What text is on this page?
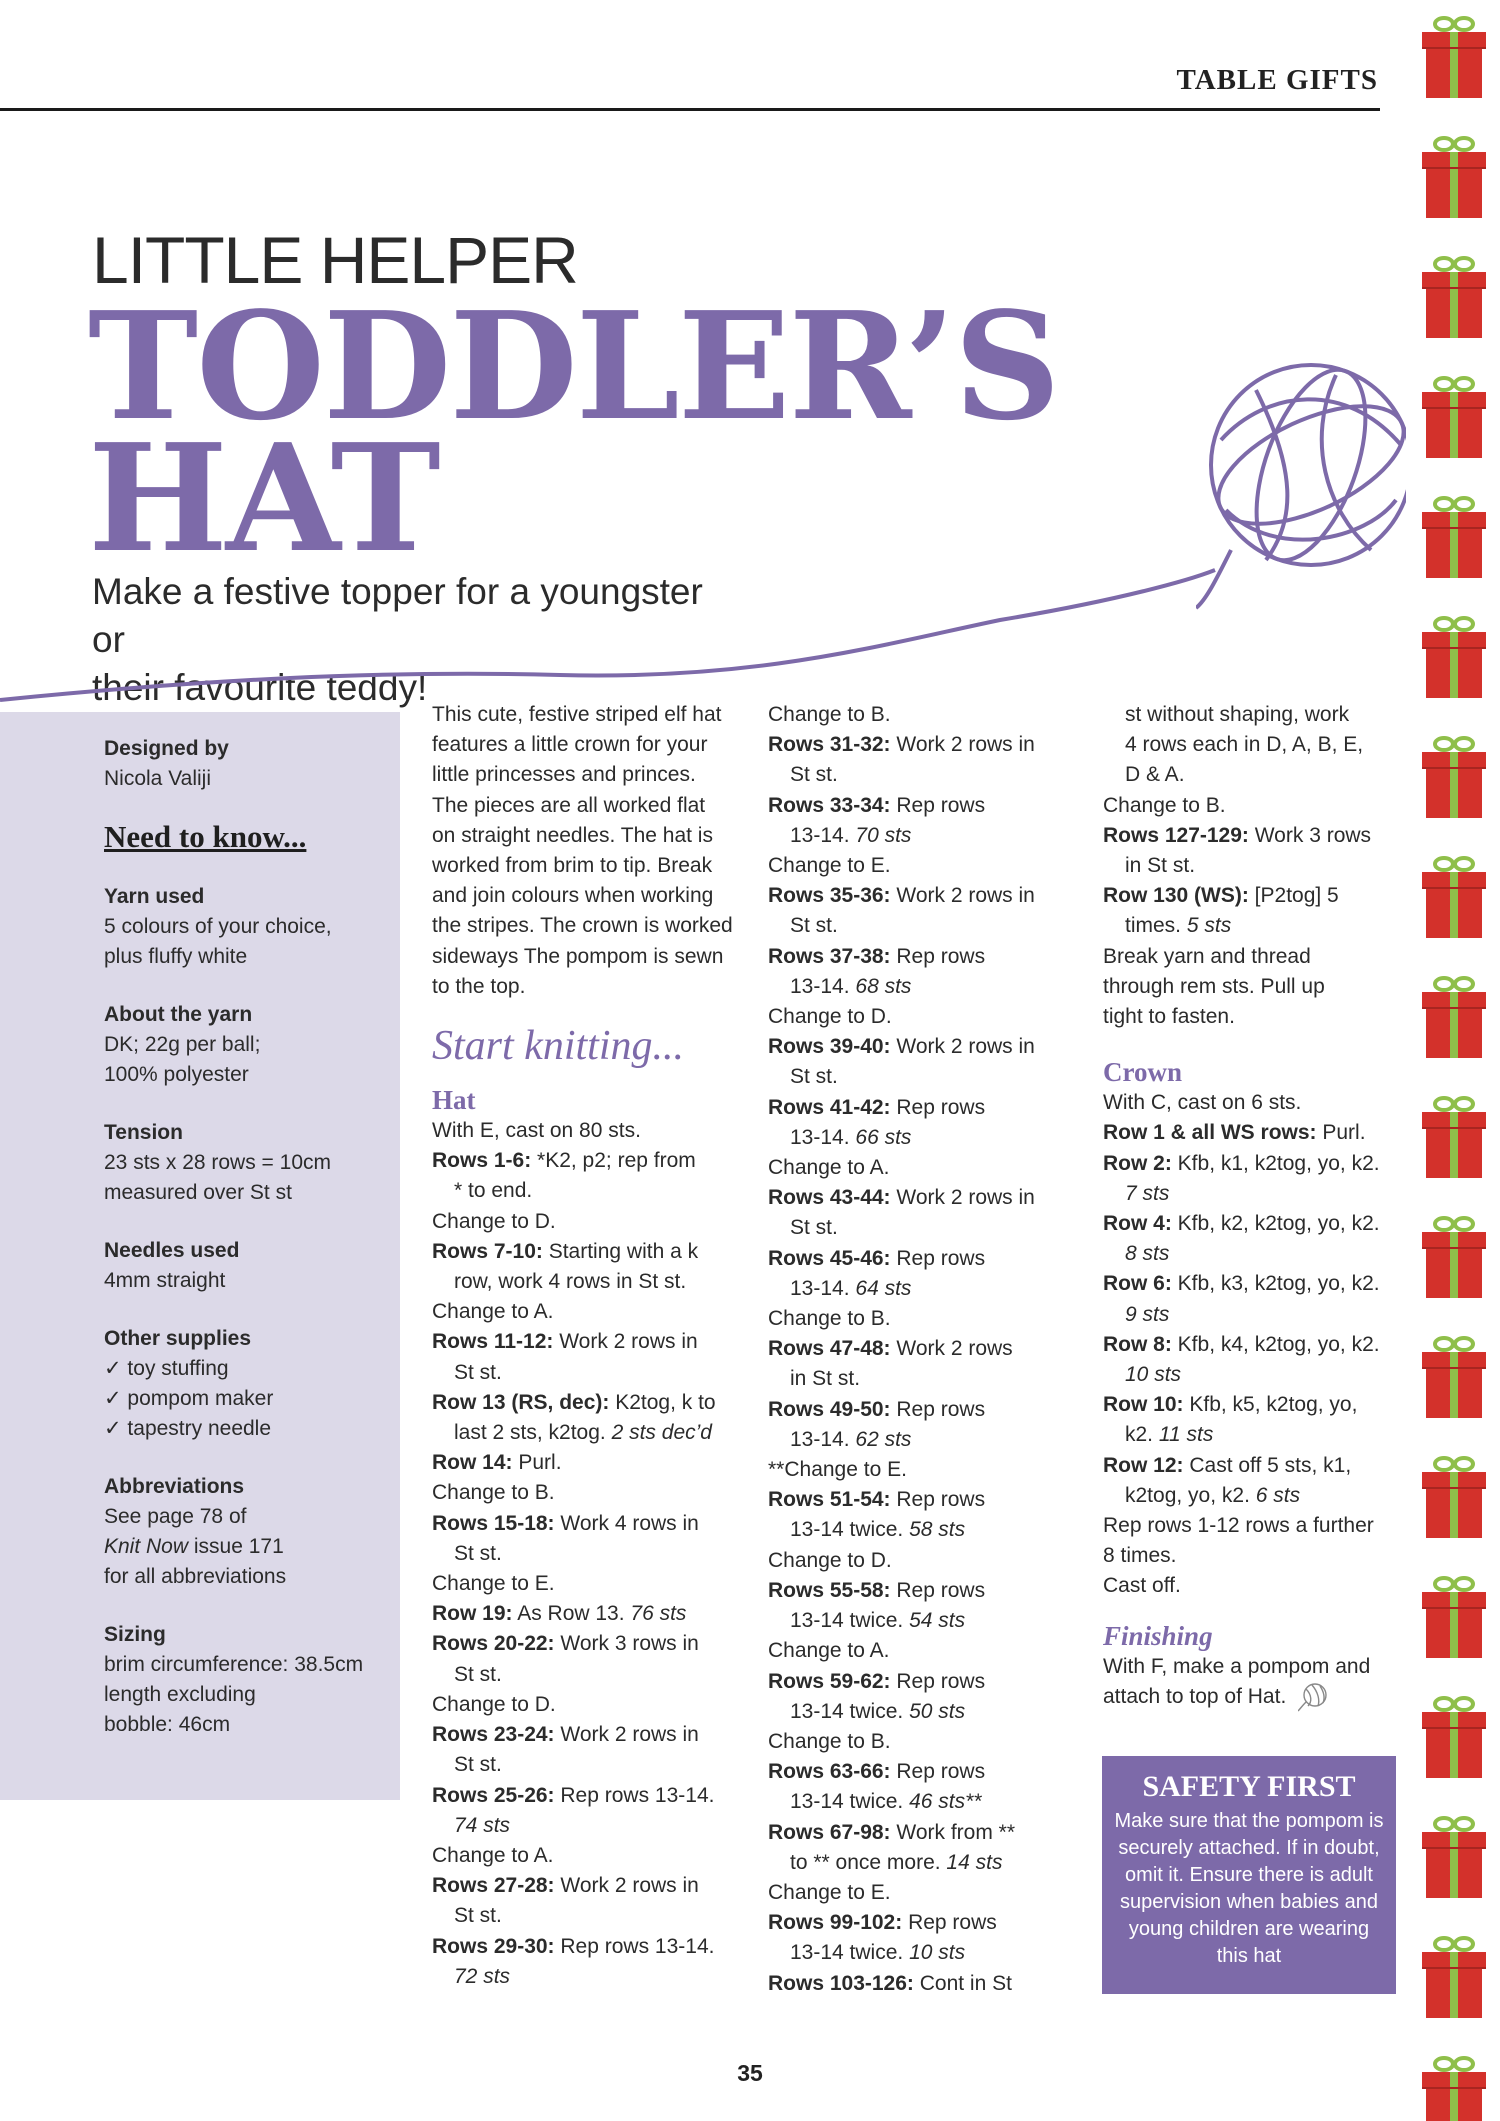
TABLE GIFTS
LITTLE HELPER
TODDLER’S
HAT
Make a festive topper for a youngster or
their favourite teddy!
Designed by
Nicola Valiji
Need to know...
Yarn used
5 colours of your choice,
plus fluffy white
About the yarn
DK; 22g per ball;
100% polyester
Tension
23 sts x 28 rows = 10cm
measured over St st
Needles used
4mm straight
Other supplies
✓ toy stuffing
✓ pompom maker
✓ tapestry needle
Abbreviations
See page 78 of
Knit Now issue 171
for all abbreviations
Sizing
brim circumference: 38.5cm
length excluding
bobble: 46cm

This cute, festive striped elf hat

features a little crown for your

little princesses and princes.

The pieces are all worked flat

on straight needles. The hat is

worked from brim to tip. Break

and join colours when working

the stripes. The crown is worked

sideways The pompom is sewn

to the top.

Start knitting...
Hat

With E, cast on 80 sts.

Rows 1-6: *K2, p2; rep from

* to end.

Change to D.

Rows 7-10: Starting with a k

row, work 4 rows in St st.

Change to A.

Rows 11-12: Work 2 rows in

St st.

Row 13 (RS, dec): K2tog, k to

last 2 sts, k2tog. 2 sts dec’d

Row 14: Purl.

Change to B.

Rows 15-18: Work 4 rows in

St st.

Change to E.

Row 19: As Row 13. 76 sts

Rows 20-22: Work 3 rows in

St st.

Change to D.

Rows 23-24: Work 2 rows in

St st.

Rows 25-26: Rep rows 13-14.

74 sts

Change to A.

Rows 27-28: Work 2 rows in

St st.

Rows 29-30: Rep rows 13-14.

72 sts

Change to B.

Rows 31-32: Work 2 rows in

St st.

Rows 33-34: Rep rows

13-14. 70 sts

Change to E.

Rows 35-36: Work 2 rows in

St st.

Rows 37-38: Rep rows

13-14. 68 sts

Change to D.

Rows 39-40: Work 2 rows in

St st.

Rows 41-42: Rep rows

13-14. 66 sts

Change to A.

Rows 43-44: Work 2 rows in

St st.

Rows 45-46: Rep rows

13-14. 64 sts

Change to B.

Rows 47-48: Work 2 rows

in St st.

Rows 49-50: Rep rows

13-14. 62 sts

**Change to E.

Rows 51-54: Rep rows

13-14 twice. 58 sts

Change to D.

Rows 55-58: Rep rows

13-14 twice. 54 sts

Change to A.

Rows 59-62: Rep rows

13-14 twice. 50 sts

Change to B.

Rows 63-66: Rep rows

13-14 twice. 46 sts**

Rows 67-98: Work from **

to ** once more. 14 sts

Change to E.

Rows 99-102: Rep rows

13-14 twice. 10 sts

Rows 103-126: Cont in St

st without shaping, work

4 rows each in D, A, B, E,

D & A.

Change to B.

Rows 127-129: Work 3 rows

in St st.

Row 130 (WS): [P2tog] 5

times. 5 sts

Break yarn and thread

through rem sts. Pull up

tight to fasten.

Crown

With C, cast on 6 sts.

Row 1 & all WS rows: Purl.

Row 2: Kfb, k1, k2tog, yo, k2.

7 sts

Row 4: Kfb, k2, k2tog, yo, k2.

8 sts

Row 6: Kfb, k3, k2tog, yo, k2.

9 sts

Row 8: Kfb, k4, k2tog, yo, k2.

10 sts

Row 10: Kfb, k5, k2tog, yo,

k2. 11 sts

Row 12: Cast off 5 sts, k1,

k2tog, yo, k2. 6 sts

Rep rows 1-12 rows a further

8 times.

Cast off.

Finishing

With F, make a pompom and

attach to top of Hat.

SAFETY FIRST
Make sure that the pompom is securely attached. If in doubt, omit it. Ensure there is adult supervision when babies and young children are wearing this hat
35
